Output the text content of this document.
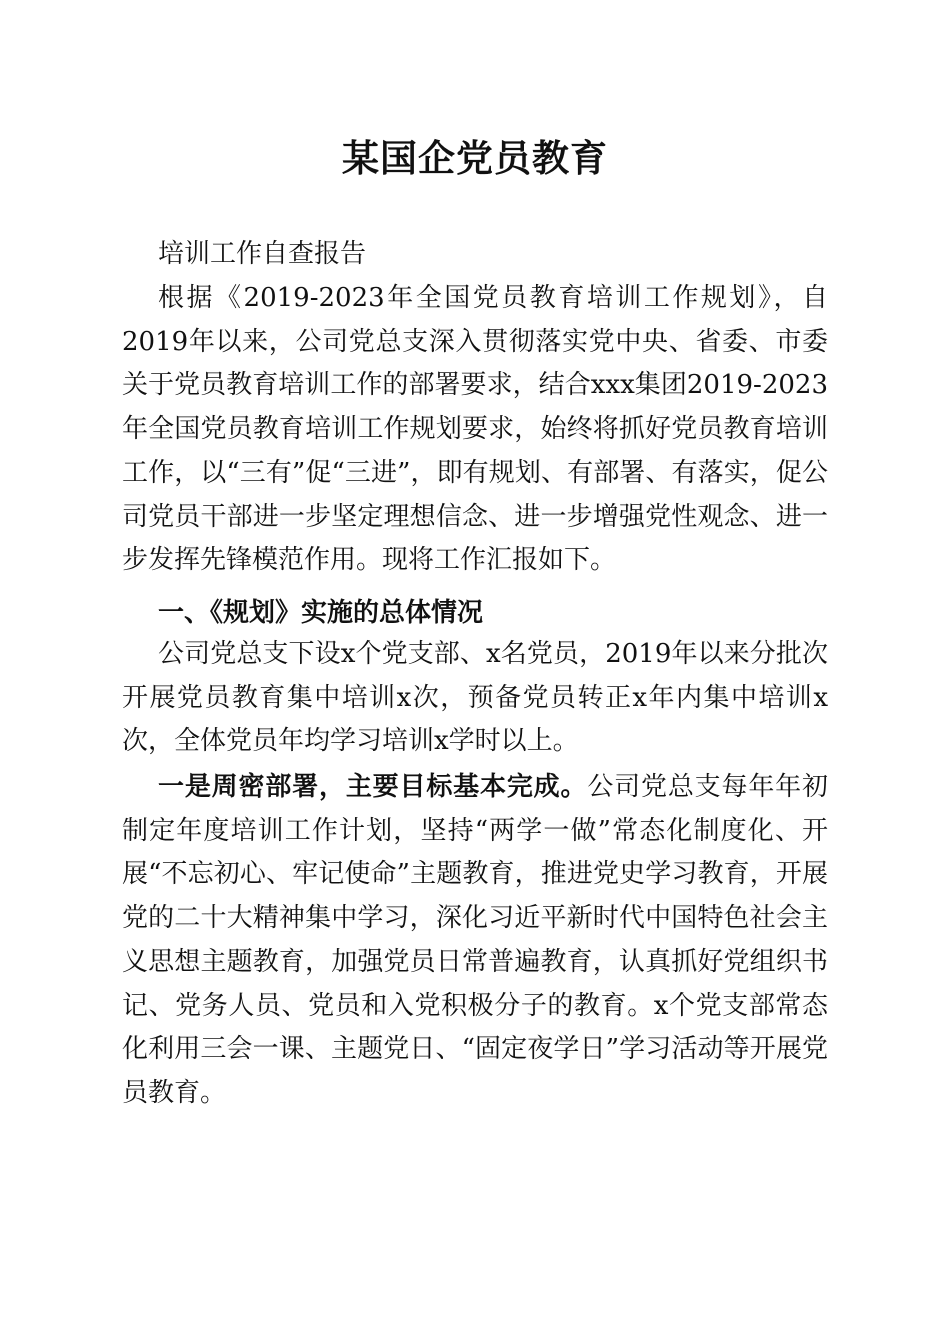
某国企党员教育

培训工作自查报告

根据《2019-2023年全国党员教育培训工作规划》，自2019年以来，公司党总支深入贯彻落实党中央、省委、市委关于党员教育培训工作的部署要求，结合xxx集团2019-2023年全国党员教育培训工作规划要求，始终将抓好党员教育培训工作，以“三有”促“三进”，即有规划、有部署、有落实，促公司党员干部进一步坚定理想信念、进一步增强党性观念、进一步发挥先锋模范作用。现将工作汇报如下。

一、《规划》实施的总体情况

公司党总支下设x个党支部、x名党员，2019年以来分批次开展党员教育集中培训x次，预备党员转正x年内集中培训x次，全体党员年均学习培训x学时以上。

一是周密部署，主要目标基本完成。公司党总支每年年初制定年度培训工作计划，坚持“两学一做”常态化制度化、开展“不忘初心、牢记使命”主题教育，推进党史学习教育，开展党的二十大精神集中学习，深化习近平新时代中国特色社会主义思想主题教育，加强党员日常普遍教育，认真抓好党组织书记、党务人员、党员和入党积极分子的教育。x个党支部常态化利用三会一课、主题党日、“固定夜学日”学习活动等开展党员教育。
